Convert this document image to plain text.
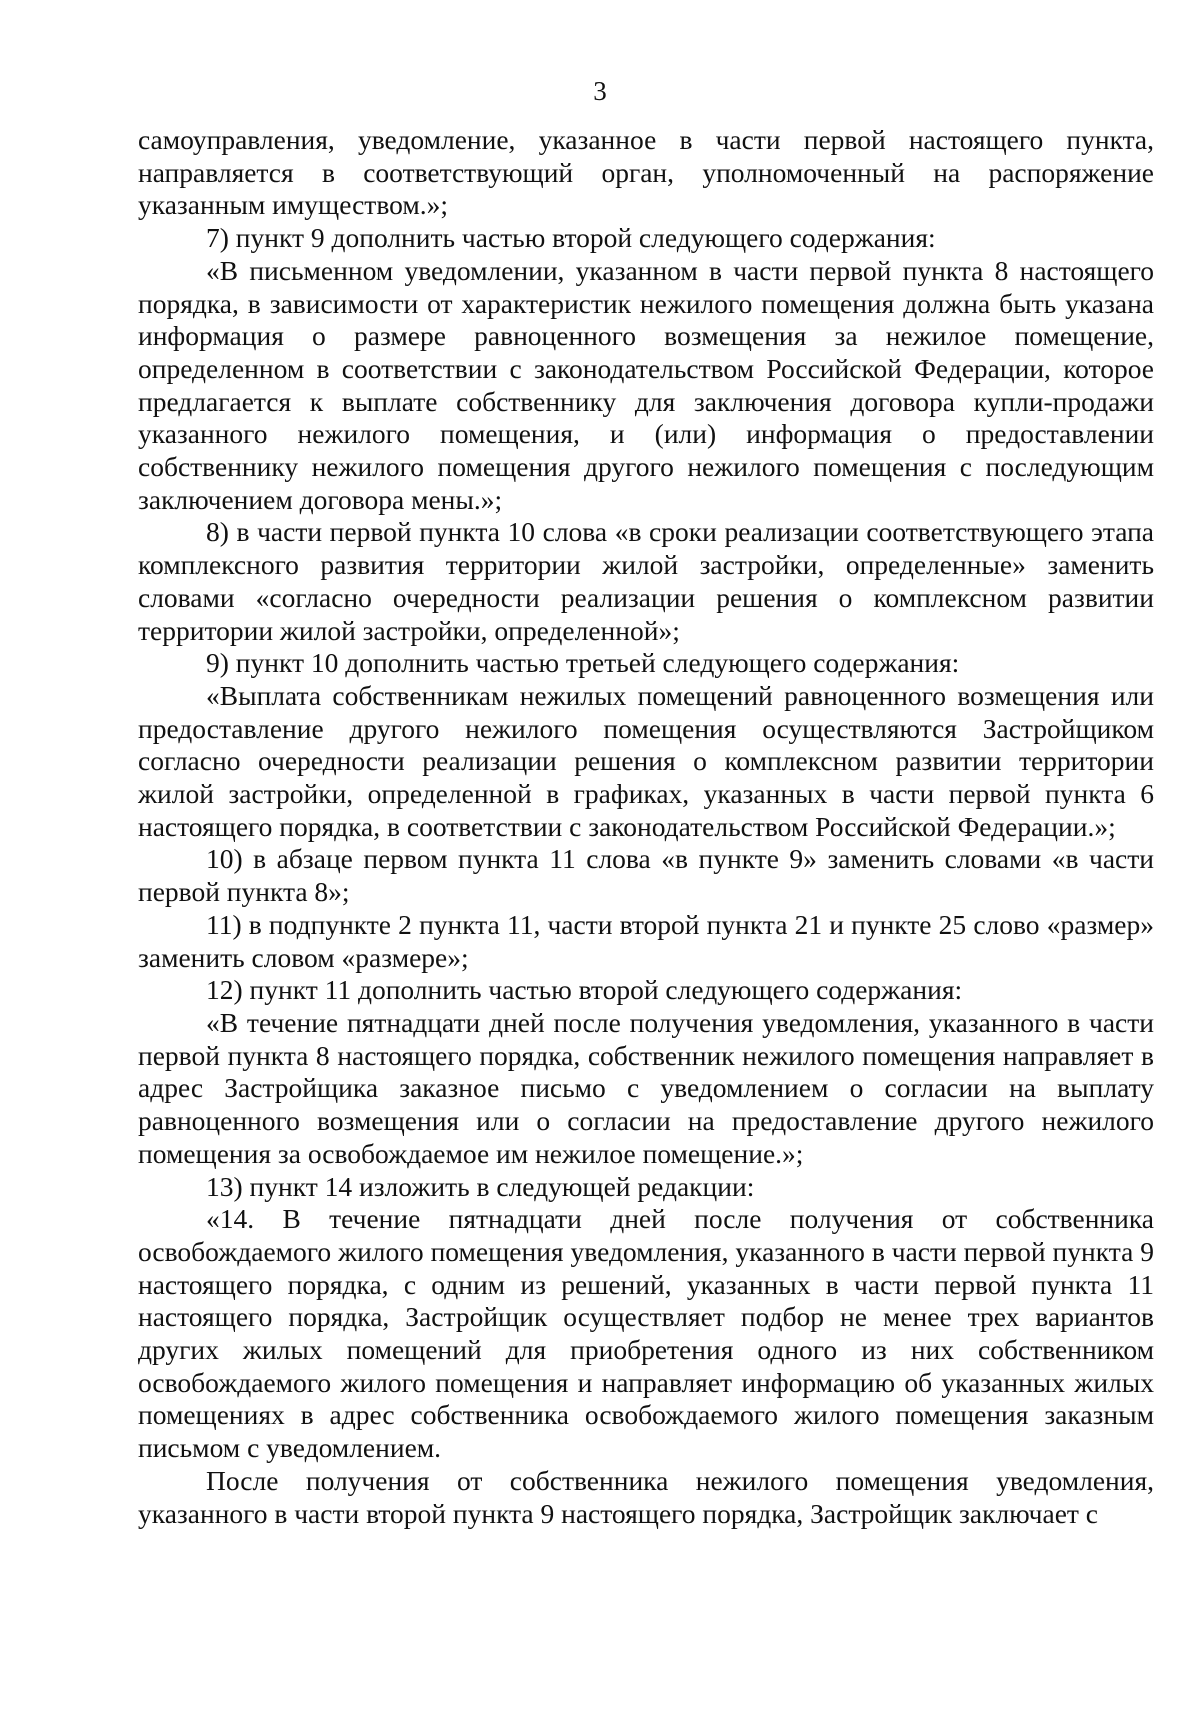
3

самоуправления, уведомление, указанное в части первой настоящего пункта, направляется в соответствующий орган, уполномоченный на распоряжение указанным имуществом.»;

7) пункт 9 дополнить частью второй следующего содержания:

«В письменном уведомлении, указанном в части первой пункта 8 настоящего порядка, в зависимости от характеристик нежилого помещения должна быть указана информация о размере равноценного возмещения за нежилое помещение, определенном в соответствии с законодательством Российской Федерации, которое предлагается к выплате собственнику для заключения договора купли-продажи указанного нежилого помещения, и (или) информация о предоставлении собственнику нежилого помещения другого нежилого помещения с последующим заключением договора мены.»;

8) в части первой пункта 10 слова «в сроки реализации соответствующего этапа комплексного развития территории жилой застройки, определенные» заменить словами «согласно очередности реализации решения о комплексном развитии территории жилой застройки, определенной»;

9) пункт 10 дополнить частью третьей следующего содержания:

«Выплата собственникам нежилых помещений равноценного возмещения или предоставление другого нежилого помещения осуществляются Застройщиком согласно очередности реализации решения о комплексном развитии территории жилой застройки, определенной в графиках, указанных в части первой пункта 6 настоящего порядка, в соответствии с законодательством Российской Федерации.»;

10) в абзаце первом пункта 11 слова «в пункте 9» заменить словами «в части первой пункта 8»;

11) в подпункте 2 пункта 11, части второй пункта 21 и пункте 25 слово «размер» заменить словом «размере»;

12) пункт 11 дополнить частью второй следующего содержания:

«В течение пятнадцати дней после получения уведомления, указанного в части первой пункта 8 настоящего порядка, собственник нежилого помещения направляет в адрес Застройщика заказное письмо с уведомлением о согласии на выплату равноценного возмещения или о согласии на предоставление другого нежилого помещения за освобождаемое им нежилое помещение.»;

13) пункт 14 изложить в следующей редакции:

«14. В течение пятнадцати дней после получения от собственника освобождаемого жилого помещения уведомления, указанного в части первой пункта 9 настоящего порядка, с одним из решений, указанных в части первой пункта 11 настоящего порядка, Застройщик осуществляет подбор не менее трех вариантов других жилых помещений для приобретения одного из них собственником освобождаемого жилого помещения и направляет информацию об указанных жилых помещениях в адрес собственника освобождаемого жилого помещения заказным письмом с уведомлением.

После получения от собственника нежилого помещения уведомления, указанного в части второй пункта 9 настоящего порядка, Застройщик заключает с
